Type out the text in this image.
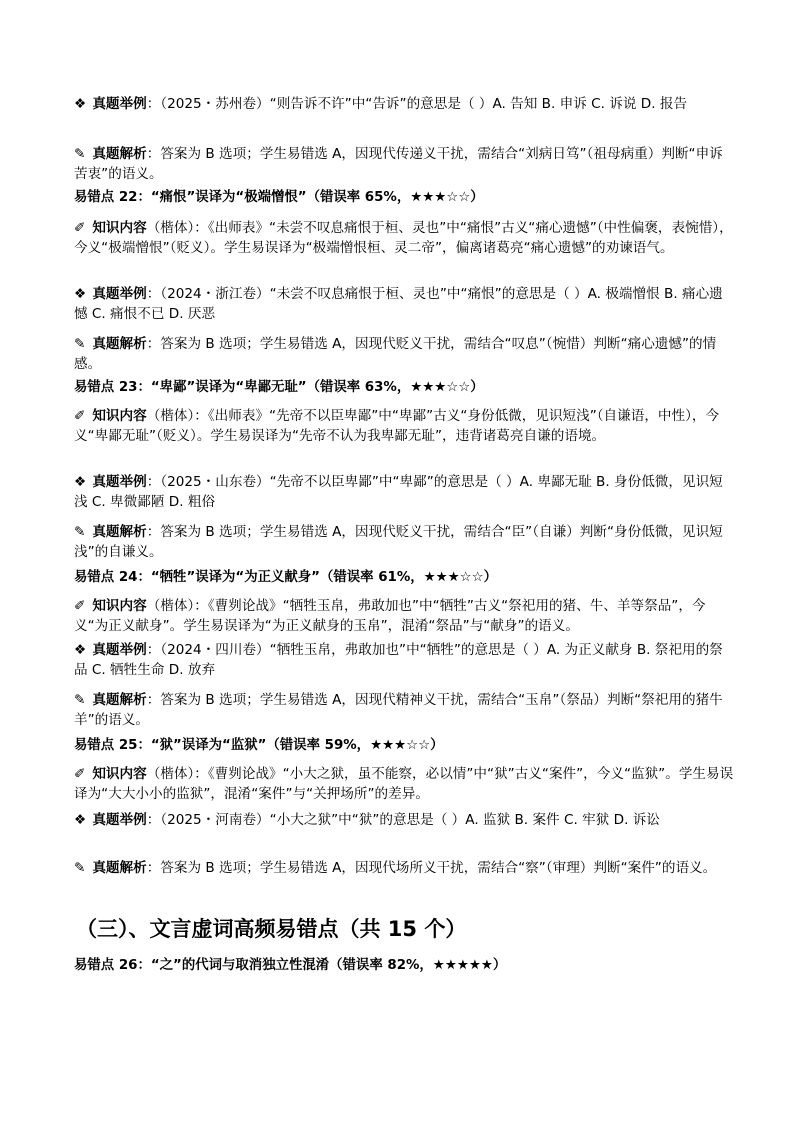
❖ 真题举例：（2025・苏州卷）“则告诉不许”中“告诉”的意思是（ ）A. 告知 B. 申诉 C. 诉说 D. 报告

✎ 真题解析：答案为 B 选项；学生易错选 A，因现代传递义干扰，需结合“刘病日笃”（祖母病重）判断“申诉苦衷”的语义。

易错点 22：“痛恨”误译为“极端憎恨”（错误率 65%，★★★☆☆）

✐ 知识内容（楷体）：《出师表》“未尝不叹息痛恨于桓、灵也”中“痛恨”古义“痛心遗憾”（中性偏褒，表惋惜），今义“极端憎恨”（贬义）。学生易误译为“极端憎恨桓、灵二帝”，偏离诸葛亮“痛心遗憾”的劝谏语气。

❖ 真题举例：（2024・浙江卷）“未尝不叹息痛恨于桓、灵也”中“痛恨”的意思是（ ）A. 极端憎恨 B. 痛心遗憾 C. 痛恨不已 D. 厌恶

✎ 真题解析：答案为 B 选项；学生易错选 A，因现代贬义干扰，需结合“叹息”（惋惜）判断“痛心遗憾”的情感。

易错点 23：“卑鄙”误译为“卑鄙无耻”（错误率 63%，★★★☆☆）

✐ 知识内容（楷体）：《出师表》“先帝不以臣卑鄙”中“卑鄙”古义“身份低微，见识短浅”（自谦语，中性），今义“卑鄙无耻”（贬义）。学生易误译为“先帝不认为我卑鄙无耻”，违背诸葛亮自谦的语境。

❖ 真题举例：（2025・山东卷）“先帝不以臣卑鄙”中“卑鄙”的意思是（ ）A. 卑鄙无耻 B. 身份低微，见识短浅 C. 卑微鄙陋 D. 粗俗

✎ 真题解析：答案为 B 选项；学生易错选 A，因现代贬义干扰，需结合“臣”（自谦）判断“身份低微，见识短浅”的自谦义。

易错点 24：“牺牲”误译为“为正义献身”（错误率 61%，★★★☆☆）

✐ 知识内容（楷体）：《曹刿论战》“牺牲玉帛，弗敢加也”中“牺牲”古义“祭祀用的猪、牛、羊等祭品”，今义“为正义献身”。学生易误译为“为正义献身的玉帛”，混淆“祭品”与“献身”的语义。

❖ 真题举例：（2024・四川卷）“牺牲玉帛，弗敢加也”中“牺牲”的意思是（ ）A. 为正义献身 B. 祭祀用的祭品 C. 牺牲生命 D. 放弃

✎ 真题解析：答案为 B 选项；学生易错选 A，因现代精神义干扰，需结合“玉帛”（祭品）判断“祭祀用的猪牛羊”的语义。

易错点 25：“狱”误译为“监狱”（错误率 59%，★★★☆☆）

✐ 知识内容（楷体）：《曹刿论战》“小大之狱，虽不能察，必以情”中“狱”古义“案件”，今义“监狱”。学生易误译为“大大小小的监狱”，混淆“案件”与“关押场所”的差异。

❖ 真题举例：（2025・河南卷）“小大之狱”中“狱”的意思是（ ）A. 监狱 B. 案件 C. 牢狱 D. 诉讼

✎ 真题解析：答案为 B 选项；学生易错选 A，因现代场所义干扰，需结合“察”（审理）判断“案件”的语义。

（三）、文言虚词高频易错点（共 15 个）

易错点 26：“之”的代词与取消独立性混淆（错误率 82%，★★★★★）
